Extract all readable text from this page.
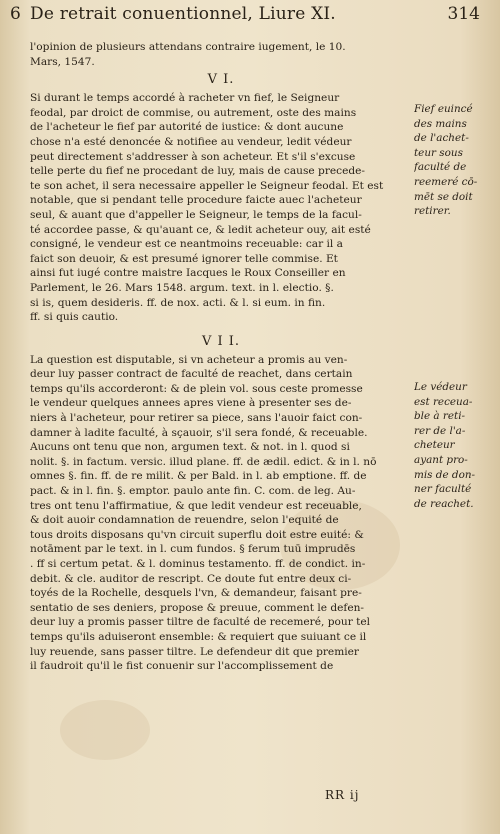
6 De retrait conuentionnel, Liure XI.	314
l'opinion de plusieurs attendans contraire iugement, le 10.
Mars, 1547.
V I.
Si durant le temps accordé à racheter vn fief, le Seigneur
feodal, par droict de commise, ou autrement, oste des mains
de l'acheteur le fief par autorité de iustice: & dont aucune
chose n'a esté denoncée & notifiee au vendeur, ledit védeur
peut directement s'addresser à son acheteur. Et s'il s'excuse
telle perte du fief ne procedant de luy, mais de cause precede-
te son achet, il sera necessaire appeller le Seigneur feodal. Et est
notable, que si pendant telle procedure faicte auec l'acheteur
seul, & auant que d'appeller le Seigneur, le temps de la facul-
té accordee passe, & qu'auant ce, & ledit acheteur ouy, ait esté
consigné, le vendeur est ce neantmoins receuable: car il a
faict son deuoir, & est presumé ignorer telle commise. Et
ainsi fut iugé contre maistre Iacques le Roux Conseiller en
Parlement, le 26. Mars 1548. argum. text. in l. electio. §.
si is, quem desideris. ff. de nox. acti. & l. si eum. in fin.
ff. si quis cautio.
V I I.
La question est disputable, si vn acheteur a promis au ven-
deur luy passer contract de faculté de reachet, dans certain
temps qu'ils accorderont: & de plein vol. sous ceste promesse
le vendeur quelques annees apres viene à presenter ses de-
niers à l'acheteur, pour retirer sa piece, sans l'auoir faict con-
damner à ladite faculté, à sçauoir, s'il sera fondé, & receuable.
Aucuns ont tenu que non, argumen text. & not. in l. quod si
nolit. §. in factum. versic. illud plane. ff. de ædil. edict. & in l. nō
omnes §. fin. ff. de re milit. & per Bald. in l. ab emptione. ff. de
pact. & in l. fin. §. emptor. paulo ante fin. C. com. de leg. Au-
tres ont tenu l'affirmatiue, & que ledit vendeur est receuable,
& doit auoir condamnation de reuendre, selon l'equité de
tous droits disposans qu'vn circuit superflu doit estre euité: &
notāment par le text. in l. cum fundos. § ferum tuū imprudēs
. ff si certum petat. & l. dominus testamento. ff. de condict. in-
debit. & cle. auditor de rescript. Ce doute fut entre deux ci-
toyés de la Rochelle, desquels l'vn, & demandeur, faisant pre-
sentatio de ses deniers, propose & preuue, comment le defen-
deur luy a promis passer tiltre de faculté de recemeré, pour tel
temps qu'ils aduiseront ensemble: & requiert que suiuant ce il
luy reuende, sans passer tiltre. Le defendeur dit que premier
il faudroit qu'il le fist conuenir sur l'accomplissement de
Fief euincé
des mains
de l'achet-
teur sous
faculté de
reemeré cō-
mēt se doit
retirer.
Le védeur
est receua-
ble à reti-
rer de l'a-
cheteur
ayant pro-
mis de don-
ner faculté
de reachet.
RR ij
